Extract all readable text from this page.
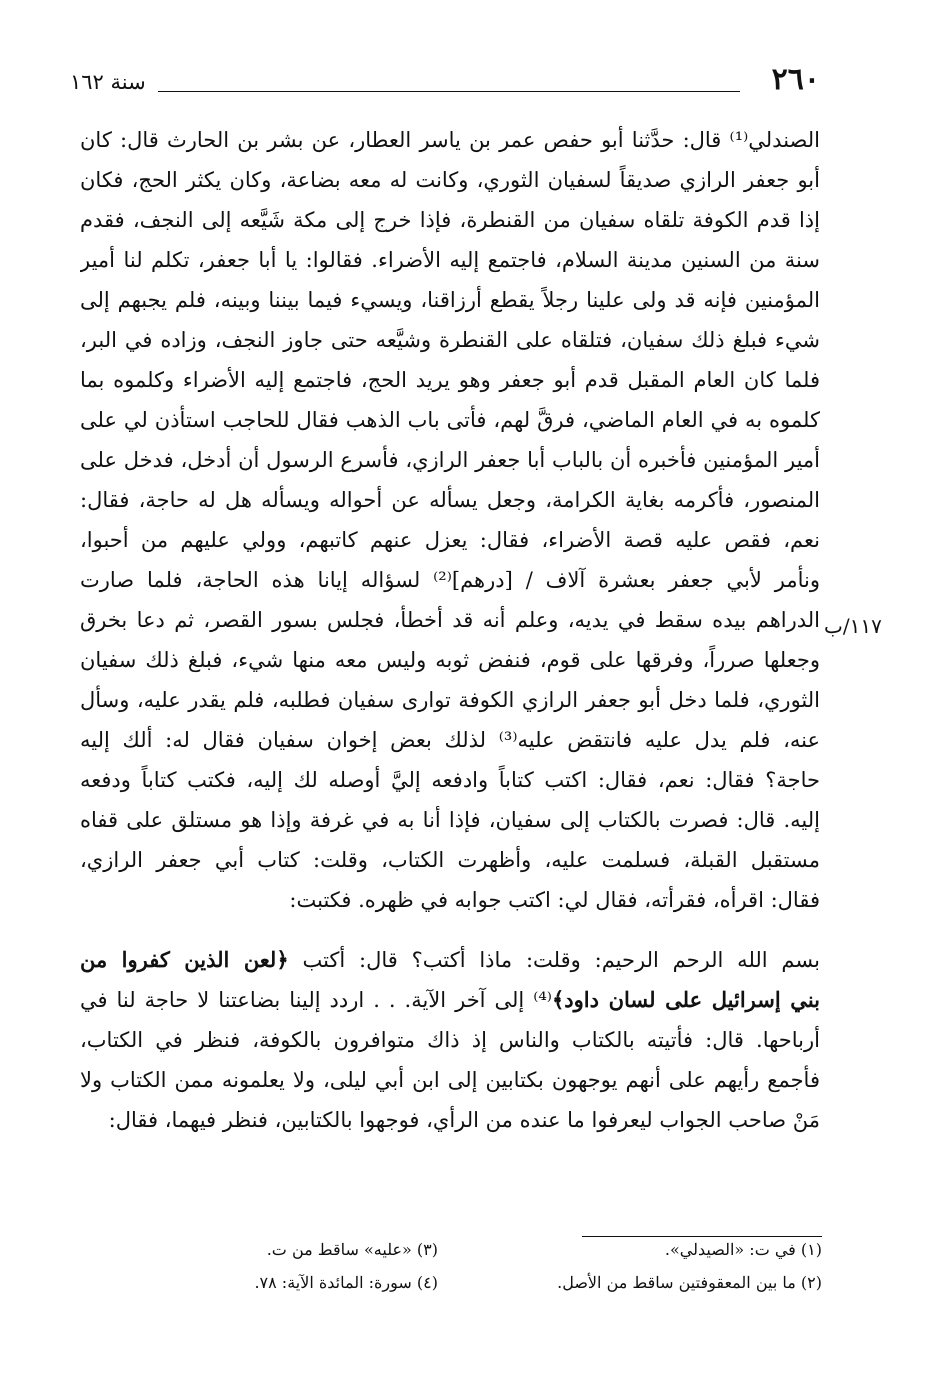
٢٦٠
سنة ١٦٢
الصندلي⁽¹⁾ قال: حدَّثنا أبو حفص عمر بن ياسر العطار، عن بشر بن الحارث قال: كان
أبو جعفر الرازي صديقاً لسفيان الثوري، وكانت له معه بضاعة، وكان يكثر الحج، فكان
إذا قدم الكوفة تلقاه سفيان من القنطرة، فإذا خرج إلى مكة شَيَّعه إلى النجف، فقدم
سنة من السنين مدينة السلام، فاجتمع إليه الأضراء. فقالوا: يا أبا جعفر، تكلم لنا أمير
المؤمنين فإنه قد ولى علينا رجلاً يقطع أرزاقنا، ويسيء فيما بيننا وبينه، فلم يجبهم إلى
شيء فبلغ ذلك سفيان، فتلقاه على القنطرة وشيَّعه حتى جاوز النجف، وزاده في البر،
فلما كان العام المقبل قدم أبو جعفر وهو يريد الحج، فاجتمع إليه الأضراء وكلموه بما
كلموه به في العام الماضي، فرقَّ لهم، فأتى باب الذهب فقال للحاجب استأذن لي على
أمير المؤمنين فأخبره أن بالباب أبا جعفر الرازي، فأسرع الرسول أن أدخل، فدخل على
المنصور، فأكرمه بغاية الكرامة، وجعل يسأله عن أحواله ويسأله هل له حاجة، فقال:
نعم، فقص عليه قصة الأضراء، فقال: يعزل عنهم كاتبهم، وولي عليهم من أحبوا،
ونأمر لأبي جعفر بعشرة آلاف / [درهم]⁽²⁾ لسؤاله إيانا هذه الحاجة، فلما صارت
الدراهم بيده سقط في يديه، وعلم أنه قد أخطأ، فجلس بسور القصر، ثم دعا بخرق
وجعلها صرراً، وفرقها على قوم، فنفض ثوبه وليس معه منها شيء، فبلغ ذلك سفيان
الثوري، فلما دخل أبو جعفر الرازي الكوفة توارى سفيان فطلبه، فلم يقدر عليه، وسأل
عنه، فلم يدل عليه فانتقض عليه⁽³⁾ لذلك بعض إخوان سفيان فقال له: ألك إليه
حاجة؟ فقال: نعم، فقال: اكتب كتاباً وادفعه إليَّ أوصله لك إليه، فكتب كتاباً ودفعه
إليه. قال: فصرت بالكتاب إلى سفيان، فإذا أنا به في غرفة وإذا هو مستلق على قفاه
مستقبل القبلة، فسلمت عليه، وأظهرت الكتاب، وقلت: كتاب أبي جعفر الرازي،
فقال: اقرأه، فقرأته، فقال لي: اكتب جوابه في ظهره. فكتبت:
١١٧/ب
بسم الله الرحم الرحيم: وقلت: ماذا أكتب؟ قال: أكتب ﴿لعن الذين كفروا من
بني إسرائيل على لسان داود﴾⁽⁴⁾ إلى آخر الآية. . . اردد إلينا بضاعتنا لا حاجة لنا في
أرباحها. قال: فأتيته بالكتاب والناس إذ ذاك متوافرون بالكوفة، فنظر في الكتاب،
فأجمع رأيهم على أنهم يوجهون بكتابين إلى ابن أبي ليلى، ولا يعلمونه ممن الكتاب ولا
مَنْ صاحب الجواب ليعرفوا ما عنده من الرأي، فوجهوا بالكتابين، فنظر فيهما، فقال:
(١) في ت: «الصيدلي».
(٢) ما بين المعقوفتين ساقط من الأصل.
(٣) «عليه» ساقط من ت.
(٤) سورة: المائدة الآية: ٧٨.
